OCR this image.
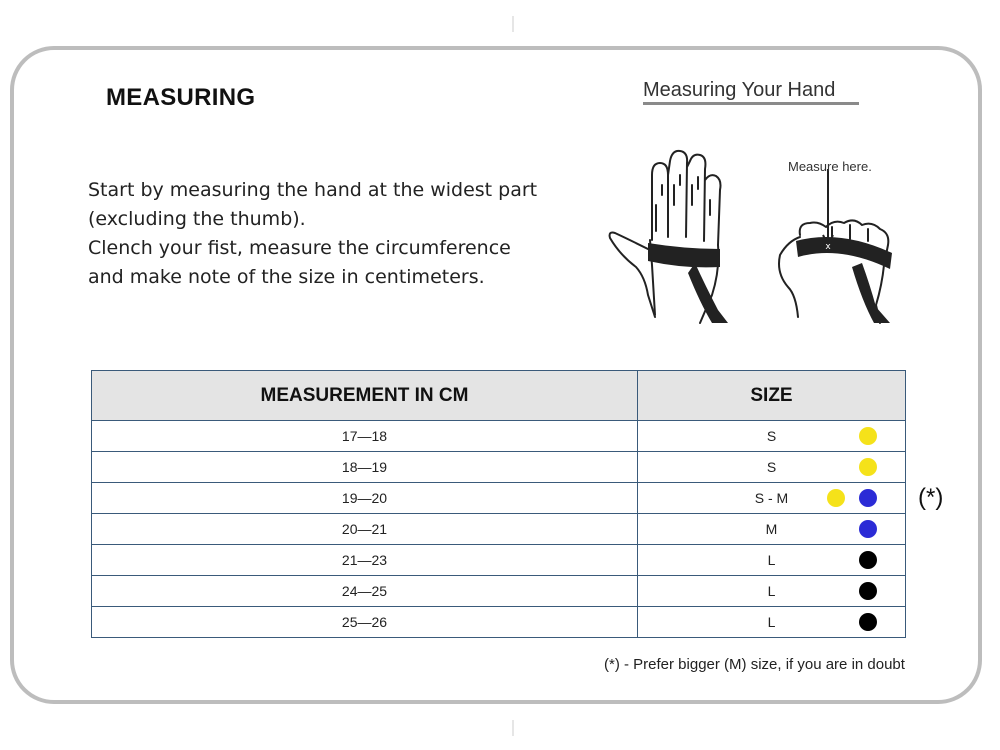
MEASURING
Start by measuring the hand at the widest part
(excluding the thumb).
Clench your fist, measure the circumference
and make note of the size in centimeters.
Measuring Your Hand
x
Measure here.
MEASUREMENT IN CM	SIZE
17—18	S

18—19	S

19—20	S - M

20—21	M

21—23	L

24—25	L

25—26	L
(*)
(*) - Prefer bigger (M) size, if you are in doubt
